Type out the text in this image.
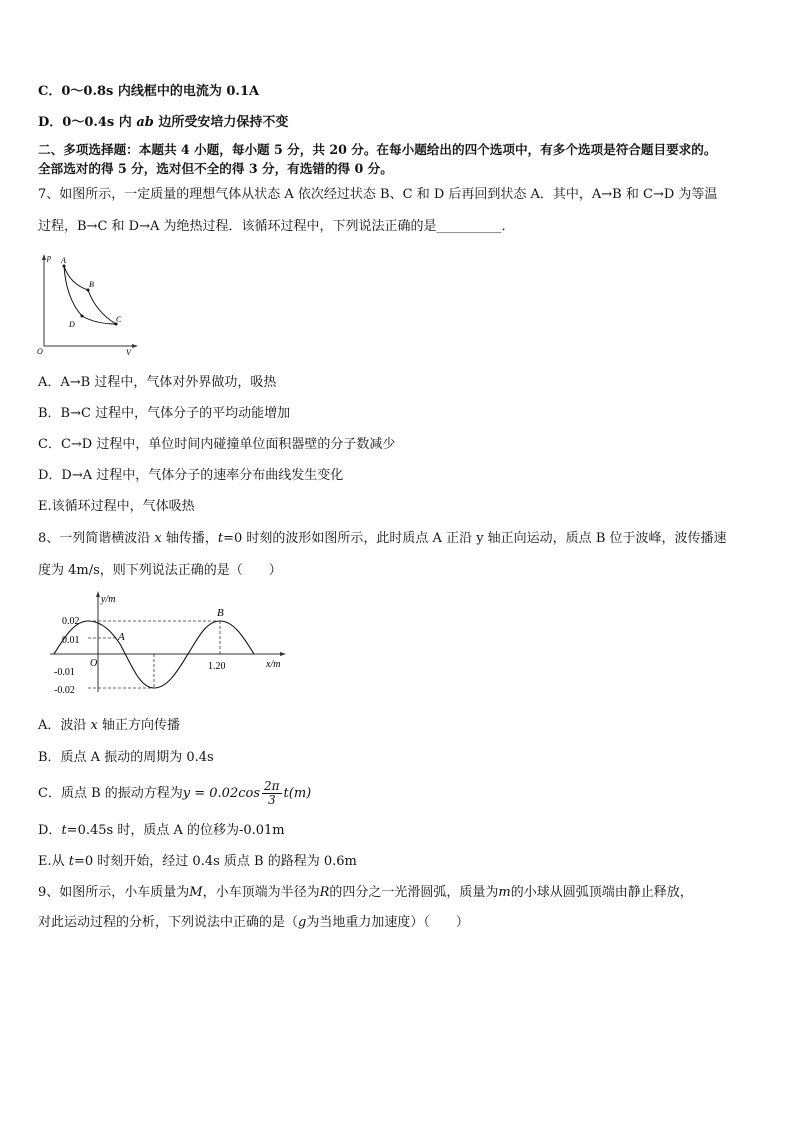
C．0～0.8s 内线框中的电流为 0.1A
D．0～0.4s 内 ab 边所受安培力保持不变
二、多项选择题：本题共 4 小题，每小题 5 分，共 20 分。在每小题给出的四个选项中，有多个选项是符合题目要求的。
全部选对的得 5 分，选对但不全的得 3 分，有选错的得 0 分。
7、如图所示，一定质量的理想气体从状态 A 依次经过状态 B、C 和 D 后再回到状态 A．其中，A→B 和 C→D 为等温
过程，B→C 和 D→A 为绝热过程．该循环过程中，下列说法正确的是__________．
p
V
O
A
B
C
D
A．A→B 过程中，气体对外界做功，吸热
B．B→C 过程中，气体分子的平均动能增加
C．C→D 过程中，单位时间内碰撞单位面积器壁的分子数减少
D．D→A 过程中，气体分子的速率分布曲线发生变化
E.该循环过程中，气体吸热
8、一列简谐横波沿 x 轴传播，t=0 时刻的波形如图所示，此时质点 A 正沿 y 轴正向运动，质点 B 位于波峰，波传播速
度为 4m/s，则下列说法正确的是（　　）
y/m
x/m
O
0.02
0.01
-0.01
-0.02
1.20
A
B
A．波沿 x 轴正方向传播
B．质点 A 振动的周期为 0.4s
C．质点 B 的振动方程为$y = 0.02\cos \frac{2\pi}{3} t(m)$
D．t=0.45s 时，质点 A 的位移为-0.01m
E.从 t=0 时刻开始，经过 0.4s 质点 B 的路程为 0.6m
9、如图所示，小车质量为M，小车顶端为半径为R的四分之一光滑圆弧，质量为m的小球从圆弧顶端由静止释放，
对此运动过程的分析，下列说法中正确的是（g为当地重力加速度）（　　）
